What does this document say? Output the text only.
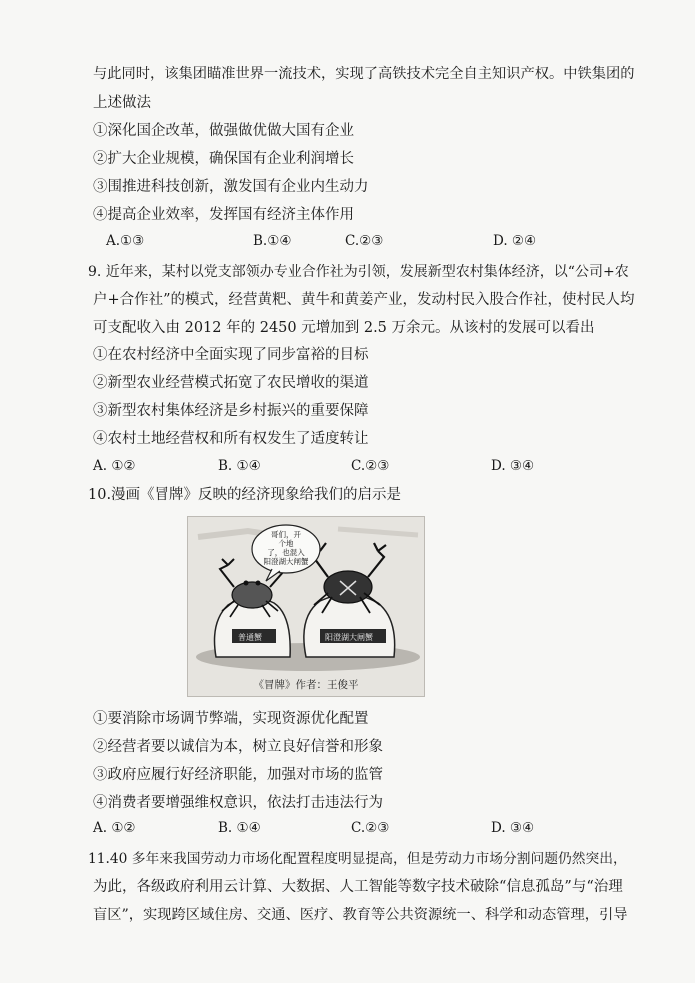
与此同时，该集团瞄准世界一流技术，实现了高铁技术完全自主知识产权。中铁集团的
上述做法
①深化国企改革，做强做优做大国有企业
②扩大企业规模，确保国有企业利润增长
③围推进科技创新，激发国有企业内生动力
④提高企业效率，发挥国有经济主体作用
A.①③	B.①④	C.②③	D. ②④
9. 近年来，某村以党支部领办专业合作社为引领，发展新型农村集体经济，以“公司+农
户+合作社”的模式，经营黄粑、黄牛和黄姜产业，发动村民入股合作社，使村民人均
可支配收入由 2012 年的 2450 元增加到 2.5 万余元。从该村的发展可以看出
①在农村经济中全面实现了同步富裕的目标
②新型农业经营模式拓宽了农民增收的渠道
③新型农村集体经济是乡村振兴的重要保障
④农村土地经营权和所有权发生了适度转让
A. ①②	B. ①④	C.②③	D. ③④
10.漫画《冒牌》反映的经济现象给我们的启示是
哥们，开
个地
了，也混入
阳澄湖大闸蟹
普通蟹	阳澄湖大闸蟹
《冒牌》作者：王俊平
①要消除市场调节弊端，实现资源优化配置
②经营者要以诚信为本，树立良好信誉和形象
③政府应履行好经济职能，加强对市场的监管
④消费者要增强维权意识，依法打击违法行为
A. ①②	B. ①④	C.②③	D. ③④
11.40 多年来我国劳动力市场化配置程度明显提高，但是劳动力市场分割问题仍然突出，
为此，各级政府利用云计算、大数据、人工智能等数字技术破除“信息孤岛”与“治理
盲区”，实现跨区域住房、交通、医疗、教育等公共资源统一、科学和动态管理，引导
